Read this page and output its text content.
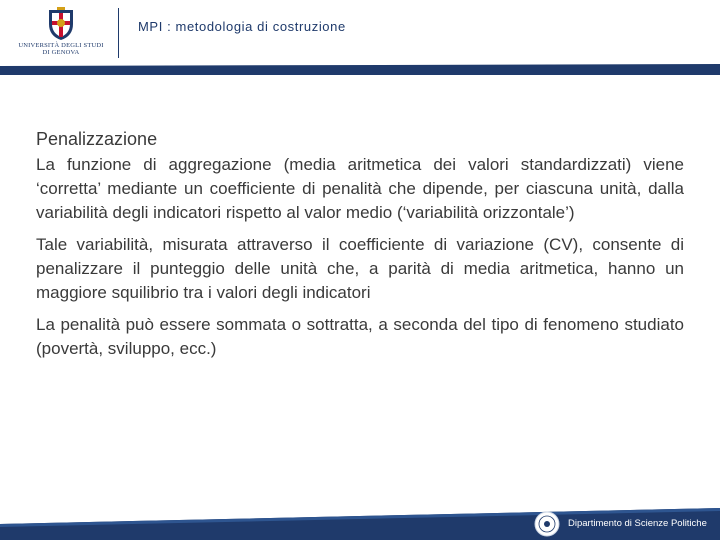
UNIVERSITÀ DEGLI STUDI
DI GENOVA
MPI : metodologia di costruzione
Penalizzazione

La funzione di aggregazione (media aritmetica dei valori standardizzati) viene ‘corretta’ mediante un coefficiente di penalità che dipende, per ciascuna unità, dalla variabilità degli indicatori rispetto al valor medio (‘variabilità orizzontale’)

Tale variabilità, misurata attraverso il coefficiente di variazione (CV), consente di penalizzare il punteggio delle unità che, a parità di media aritmetica, hanno un maggiore squilibrio tra i valori degli indicatori

La penalità può essere sommata o sottratta, a seconda del tipo di fenomeno studiato (povertà, sviluppo, ecc.)

Dipartimento di Scienze Politiche
